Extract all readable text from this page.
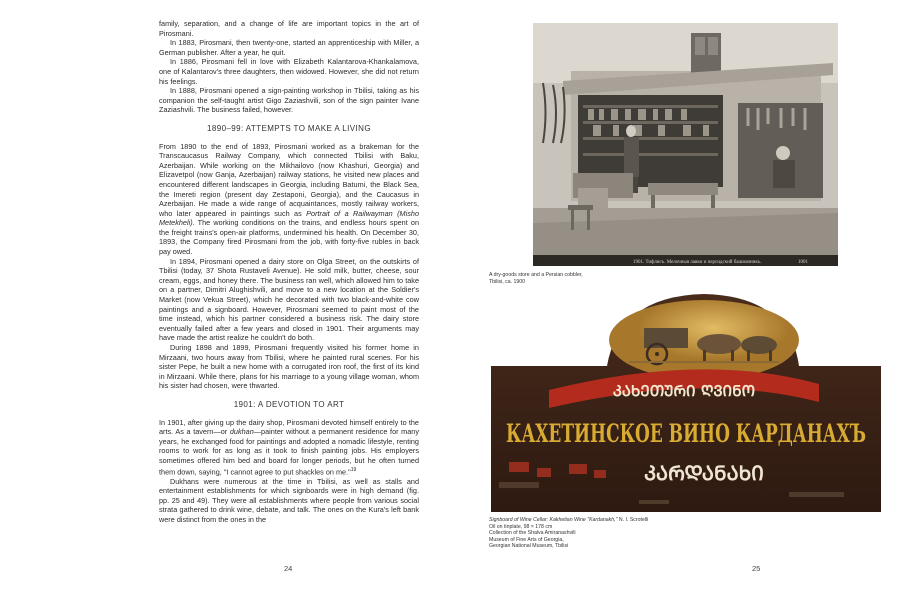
family, separation, and a change of life are important topics in the art of Pirosmani.

In 1883, Pirosmani, then twenty-one, started an apprenticeship with Miller, a German publisher. After a year, he quit.

In 1886, Pirosmani fell in love with Elizabeth Kalantarova-Khankalamova, one of Kalantarov's three daughters, then widowed. However, she did not return his feelings.

In 1888, Pirosmani opened a sign-painting workshop in Tbilisi, taking as his companion the self-taught artist Gigo Zaziashvili, son of the sign painter Ivane Zaziashvili. The business failed, however.

1890–99: ATTEMPTS TO MAKE A LIVING

From 1890 to the end of 1893, Pirosmani worked as a brakeman for the Transcaucasus Railway Company, which connected Tbilisi with Baku, Azerbaijan. While working on the Mikhailovo (now Khashuri, Georgia) and Elizavetpol (now Ganja, Azerbaijan) railway stations, he visited new places and encountered different landscapes in Georgia, including Batumi, the Black Sea, the Imereti region (present day Zestaponi, Georgia), and the Caucasus in Azerbaijan. He made a wide range of acquaintances, mostly railway workers, who later appeared in paintings such as Portrait of a Railwayman (Misho Metekheli). The working conditions on the trains, and endless hours spent on the freight trains's open-air platforms, undermined his health. On December 30, 1893, the Company fired Pirosmani from the job, with forty-five rubles in back pay owed.

In 1894, Pirosmani opened a dairy store on Olga Street, on the outskirts of Tbilisi (today, 37 Shota Rustaveli Avenue). He sold milk, butter, cheese, sour cream, eggs, and honey there. The business ran well, which allowed him to take on a partner, Dimitri Alughishvili, and move to a new location at the Soldier's Market (now Vekua Street), which he decorated with two black-and-white cow paintings and a signboard. However, Pirosmani seemed to paint most of the time instead, which his partner considered a business risk. The dairy store eventually failed after a few years and closed in 1901. Their arguments may have made the artist realize he couldn't do both.

During 1898 and 1899, Pirosmani frequently visited his former home in Mirzaani, two hours away from Tbilisi, where he painted rural scenes. For his sister Pepe, he built a new home with a corrugated iron roof, the first of its kind in Mirzaani. While there, plans for his marriage to a young village woman, whom his sister had chosen, were thwarted.

1901: A DEVOTION TO ART

In 1901, after giving up the dairy shop, Pirosmani devoted himself entirely to the arts. As a tavern—or dukhan—painter without a permanent residence for many years, he exchanged food for paintings and adopted a nomadic lifestyle, renting rooms to work for as long as it took to finish painting jobs. His employers sometimes offered him bed and board for longer periods, but he often turned them down, saying, "I cannot agree to put shackles on me."$^{19}$

Dukhans were numerous at the time in Tbilisi, as well as stalls and entertainment establishments for which signboards were in high demand (fig. pp. 25 and 49). They were all establishments where people from various social strata gathered to drink wine, debate, and talk. The ones on the Kura's left bank were distinct from the ones in the

24
1901. Тифлисъ. Мелочныя лавки и персидский башмачникъ.	1001
A dry-goods store and a Persian cobbler,
Tbilisi, ca. 1900
ᲙᲐᲮᲔᲗᲣᲠᲘ ᲦᲕᲘᲜᲝ
КАХЕТИНСКОЕ ВИНО КАРДАНАХЪ
ᲙᲐᲠᲓᲐᲜᲐᲮᲘ
Signboard of Wine Cellar: Kakhetian Wine "Kardanakh," N. I. Scrotelli
Oil on tinplate, 98 × 178 cm
Collection of the Shalva Amiranashvili
Museum of Fine Arts of Georgia,
Georgian National Museum, Tbilisi
25
